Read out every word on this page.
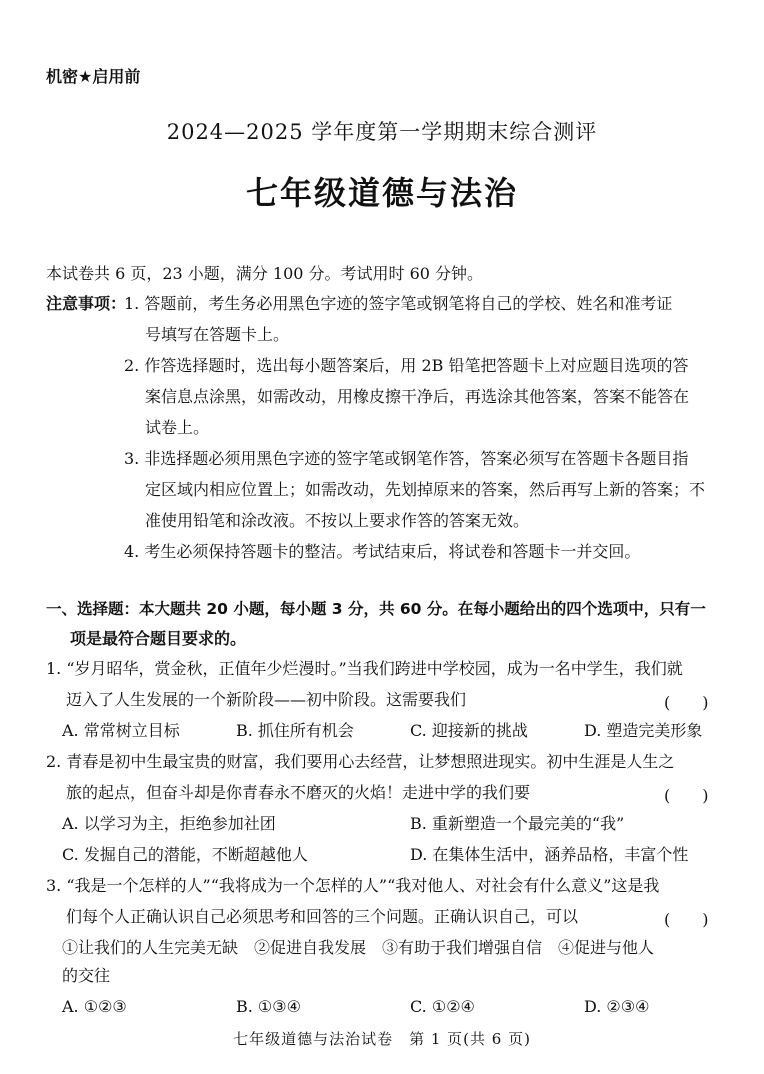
机密★启用前
2024—2025 学年度第一学期期末综合测评
七年级道德与法治
本试卷共 6 页，23 小题，满分 100 分。考试用时 60 分钟。
注意事项：
1. 答题前，考生务必用黑色字迹的签字笔或钢笔将自己的学校、姓名和准考证
号填写在答题卡上。
2. 作答选择题时，选出每小题答案后，用 2B 铅笔把答题卡上对应题目选项的答
案信息点涂黑，如需改动，用橡皮擦干净后，再选涂其他答案，答案不能答在
试卷上。
3. 非选择题必须用黑色字迹的签字笔或钢笔作答，答案必须写在答题卡各题目指
定区域内相应位置上；如需改动，先划掉原来的答案，然后再写上新的答案；不
准使用铅笔和涂改液。不按以上要求作答的答案无效。
4. 考生必须保持答题卡的整洁。考试结束后，将试卷和答题卡一并交回。
一、选择题：本大题共 20 小题，每小题 3 分，共 60 分。在每小题给出的四个选项中，只有一
项是最符合题目要求的。
1. “岁月昭华，赏金秋，正值年少烂漫时。”当我们跨进中学校园，成为一名中学生，我们就
迈入了人生发展的一个新阶段——初中阶段。这需要我们	(　　)
A. 常常树立目标	B. 抓住所有机会	C. 迎接新的挑战	D. 塑造完美形象
2. 青春是初中生最宝贵的财富，我们要用心去经营，让梦想照进现实。初中生涯是人生之
旅的起点，但奋斗却是你青春永不磨灭的火焰！走进中学的我们要	(　　)
A. 以学习为主，拒绝参加社团	B. 重新塑造一个最完美的“我”
C. 发掘自己的潜能，不断超越他人	D. 在集体生活中，涵养品格，丰富个性
3. “我是一个怎样的人”“我将成为一个怎样的人”“我对他人、对社会有什么意义”这是我
们每个人正确认识自己必须思考和回答的三个问题。正确认识自己，可以	(　　)
①让我们的人生完美无缺　②促进自我发展　③有助于我们增强自信　④促进与他人
的交往
A. ①②③	B. ①③④	C. ①②④	D. ②③④
七年级道德与法治试卷　第 1 页(共 6 页)
